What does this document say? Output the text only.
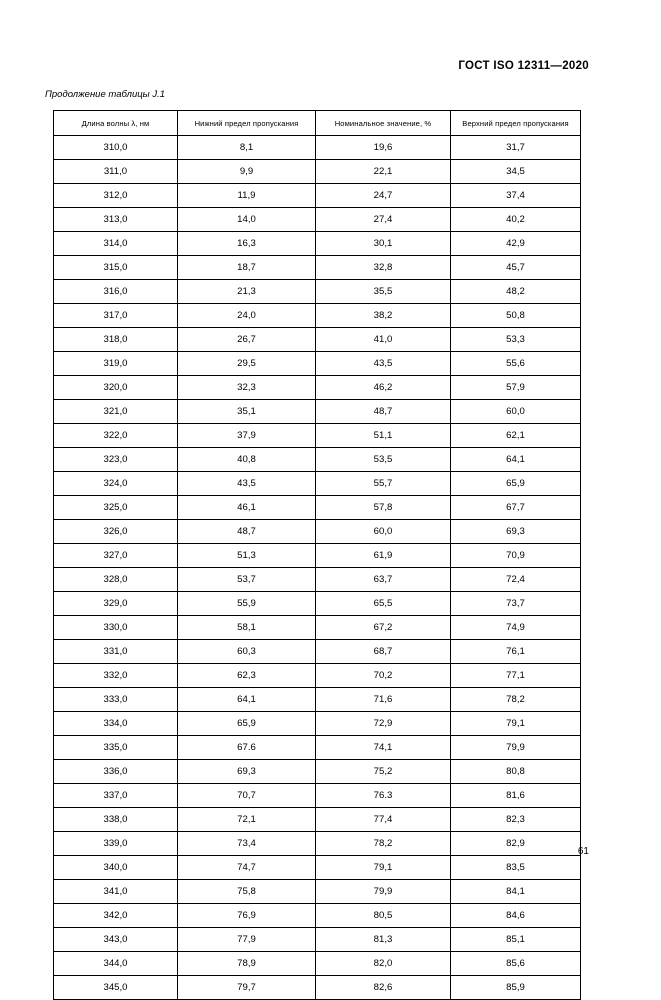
ГОСТ ISO 12311—2020
Продолжение таблицы J.1
Длина волны λ, нм	Нижний предел пропускания	Номинальное значение, %	Верхний предел пропускания
310,0	8,1	19,6	31,7
311,0	9,9	22,1	34,5
312,0	11,9	24,7	37,4
313,0	14,0	27,4	40,2
314,0	16,3	30,1	42,9
315,0	18,7	32,8	45,7
316,0	21,3	35,5	48,2
317,0	24,0	38,2	50,8
318,0	26,7	41,0	53,3
319,0	29,5	43,5	55,6
320,0	32,3	46,2	57,9
321,0	35,1	48,7	60,0
322,0	37,9	51,1	62,1
323,0	40,8	53,5	64,1
324,0	43,5	55,7	65,9
325,0	46,1	57,8	67,7
326,0	48,7	60,0	69,3
327,0	51,3	61,9	70,9
328,0	53,7	63,7	72,4
329,0	55,9	65,5	73,7
330,0	58,1	67,2	74,9
331,0	60,3	68,7	76,1
332,0	62,3	70,2	77,1
333,0	64,1	71,6	78,2
334,0	65,9	72,9	79,1
335,0	67.6	74,1	79,9
336,0	69,3	75,2	80,8
337,0	70,7	76.3	81,6
338,0	72,1	77,4	82,3
339,0	73,4	78,2	82,9
340,0	74,7	79,1	83,5
341,0	75,8	79,9	84,1
342,0	76,9	80,5	84,6
343,0	77,9	81,3	85,1
344,0	78,9	82,0	85,6
345,0	79,7	82,6	85,9
61
